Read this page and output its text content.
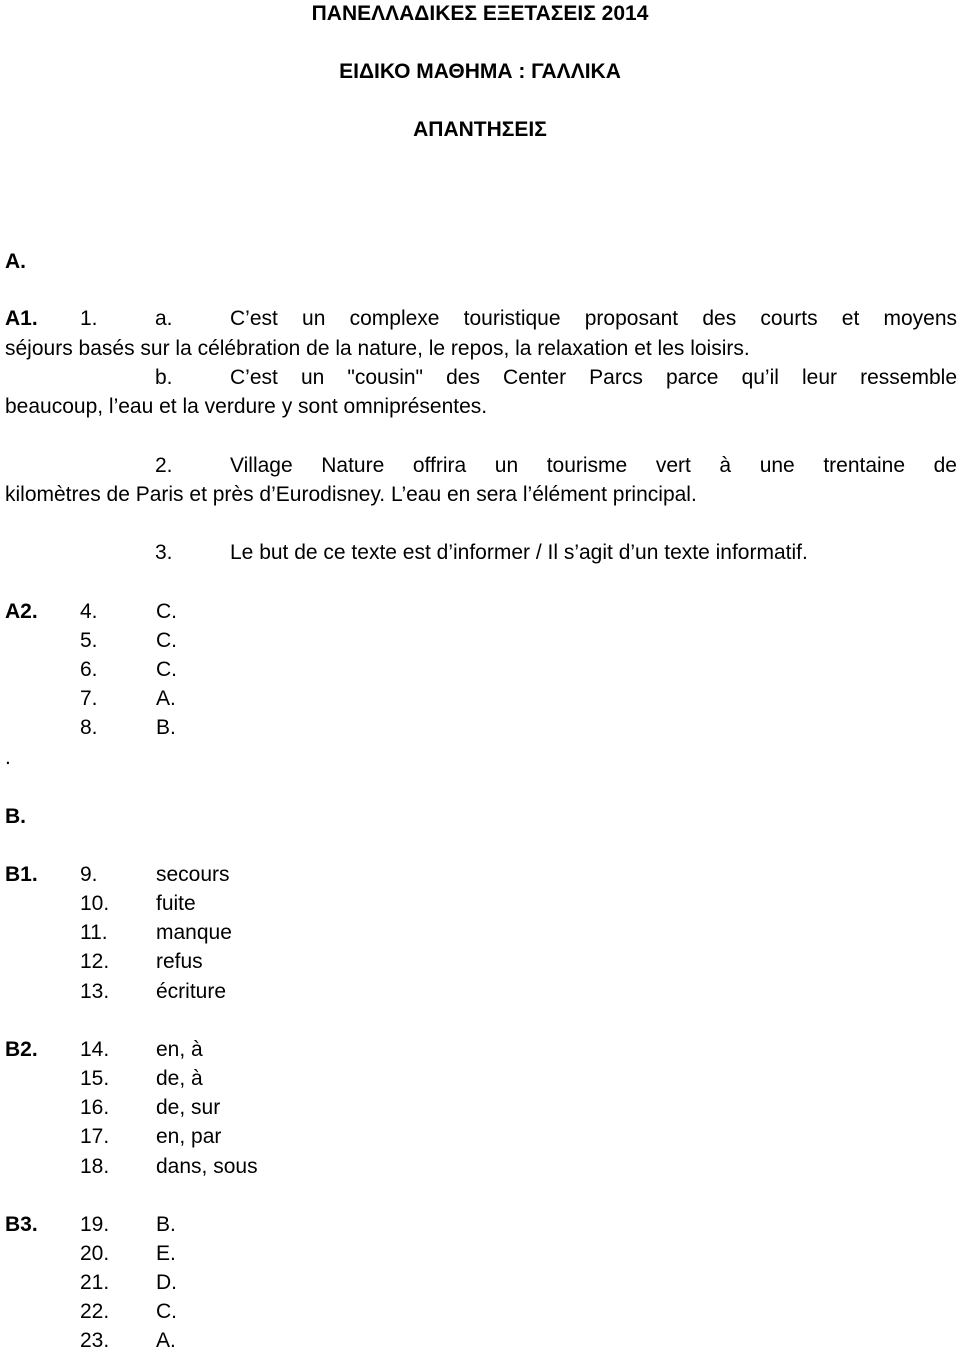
ΠΑΝΕΛΛΑΔΙΚΕΣ ΕΞΕΤΑΣΕΙΣ 2014
ΕΙΔΙΚΟ ΜΑΘΗΜΑ : ΓΑΛΛΙΚΑ
ΑΠΑΝΤΗΣΕΙΣ
A.
A1. 1.	a.	C’est un complexe touristique proposant des courts et moyens
séjours basés sur la célébration de la nature, le repos, la relaxation et les loisirs.
b.	C’est un "cousin" des Center Parcs parce qu’il leur ressemble
beaucoup, l’eau et la verdure y sont omniprésentes.
2.	Village Nature offrira un tourisme vert à une trentaine de
kilomètres de Paris et près d’Eurodisney. L’eau en sera l’élément principal.
3.	Le but de ce texte est d’informer / Il s’agit d’un texte informatif.
A2. 4.	C.
5.	C.
6.	C.
7.	A.
8.	B.
.
B.
B1. 9.	secours
10. fuite
11. manque
12. refus
13. écriture
B2. 14. en, à
15. de, à
16. de, sur
17. en, par
18. dans, sous
B3. 19. B.
20. E.
21. D.
22. C.
23. A.
